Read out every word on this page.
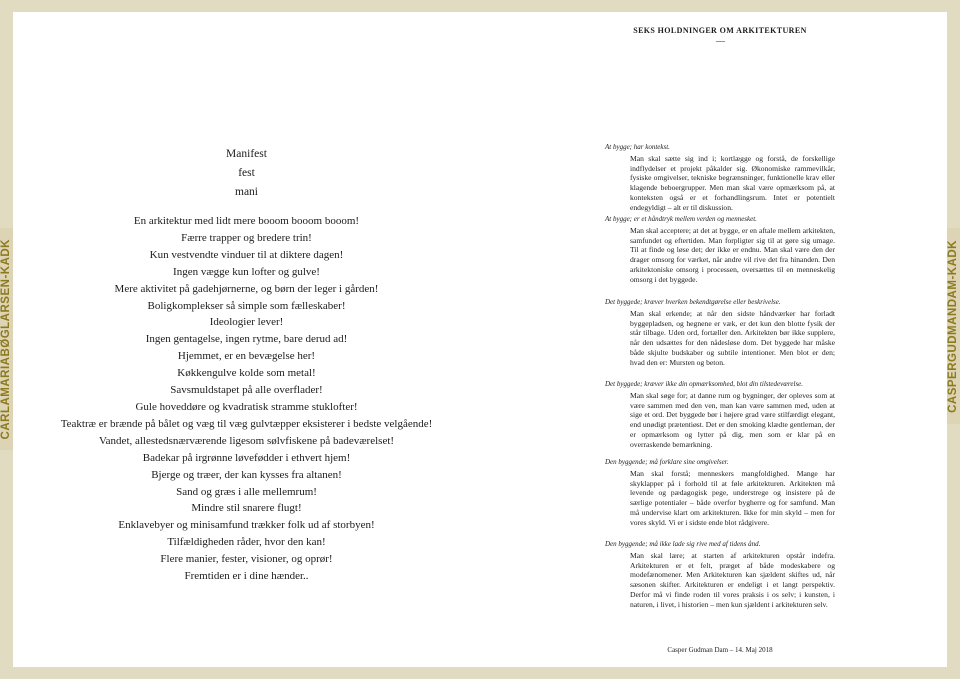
SEKS HOLDNINGER OM ARKITEKTUREN
—
Manifest
fest
mani
En arkitektur med lidt mere booom booom booom!
Færre trapper og bredere trin!
Kun vestvendte vinduer til at diktere dagen!
Ingen vægge kun lofter og gulve!
Mere aktivitet på gadehjørnerne, og børn der leger i gården!
Boligkomplekser så simple som fælleskaber!
Ideologier lever!
Ingen gentagelse, ingen rytme, bare derud ad!
Hjemmet, er en bevægelse her!
Køkkengulve kolde som metal!
Savsmuldstapet på alle overflader!
Gule hoveddøre og kvadratisk stramme stuklofter!
Teaktræ er brænde på bålet og væg til væg gulvtæpper eksisterer i bedste velgående!
Vandet, allestedsnærværende ligesom sølvfiskene på badeværelset!
Badekar på irgrønne løvefødder i ethvert hjem!
Bjerge og træer, der kan kysses fra altanen!
Sand og græs i alle mellemrum!
Mindre stil snarere flugt!
Enklavebyer og minisamfund trækker folk ud af storbyen!
Tilfældigheden råder, hvor den kan!
Flere manier, fester, visioner, og oprør!
Fremtiden er i dine hænder..
At bygge; har kontekst.
Man skal sætte sig ind i; kortlægge og forstå, de forskellige indflydelser et projekt påkalder sig. Økonomiske rammevilkår, fysiske omgivelser, tekniske begrænsninger, funktionelle krav eller klagende beboergrupper. Men man skal være opmærksom på, at konteksten også er et forhandlingsrum. Intet er potentielt endegyldigt – alt er til diskussion.
At bygge; er et håndtryk mellem verden og mennesket.
Man skal acceptere; at det at bygge, er en aftale mellem arkitekten, samfundet og eftertiden. Man forpligter sig til at gøre sig umage. Til at finde og løse det; der ikke er endnu. Man skal være den der drager omsorg for værket, når andre vil rive det fra hinanden. Den arkitektoniske omsorg i processen, oversættes til en menneskelig omsorg i det byggede.
Det byggede; kræver hverken bekendtgørelse eller beskrivelse.
Man skal erkende; at når den sidste håndværker har forladt byggepladsen, og hegnene er væk, er det kun den blotte fysik der står tilbage. Uden ord, fortæller den. Arkitekten bør ikke supplere, når den udsættes for den nådesløse dom. Det byggede har måske både skjulte budskaber og subtile intentioner. Men blot er den; hvad den er: Mursten og beton.
Det byggede; kræver ikke din opmærksomhed, blot din tilstedeværelse.
Man skal søge for; at danne rum og bygninger, der opleves som at være sammen med den ven, man kan være sammen med, uden at sige et ord. Det byggede bør i højere grad være stilfærdigt elegant, end unødigt prætentiøst. Det er den smoking klædte gentleman, der er opmærksom og lytter på dig, men som er klar på en overraskende bemærkning.
Den byggende; må forklare sine omgivelser.
Man skal forstå; menneskers mangfoldighed. Mange har skyklapper på i forhold til at føle arkitekturen. Arkitekten må levende og pædagogisk pege, understrege og insistere på de særlige potentialer – både overfor bygherre og for samfund. Man må undervise klart om arkitekturen. Ikke for min skyld – men for vores skyld. Vi er i sidste ende blot rådgivere.
Den byggende; må ikke lade sig rive med af tidens ånd.
Man skal lære; at starten af arkitekturen opstår indefra. Arkitekturen er et felt, præget af både modeskabere og modefænomener. Men Arkitekturen kan sjældent skiftes ud, når sæsonen skifter. Arkitekturen er endeligt i et langt perspektiv. Derfor må vi finde roden til vores praksis i os selv; i kunsten, i naturen, i livet, i historien – men kun sjældent i arkitekturen selv.
Casper Gudman Dam – 14. Maj 2018
CARLAMARIABØGLARSEN-KADK	CASPERGUDMANDAM-KADK
